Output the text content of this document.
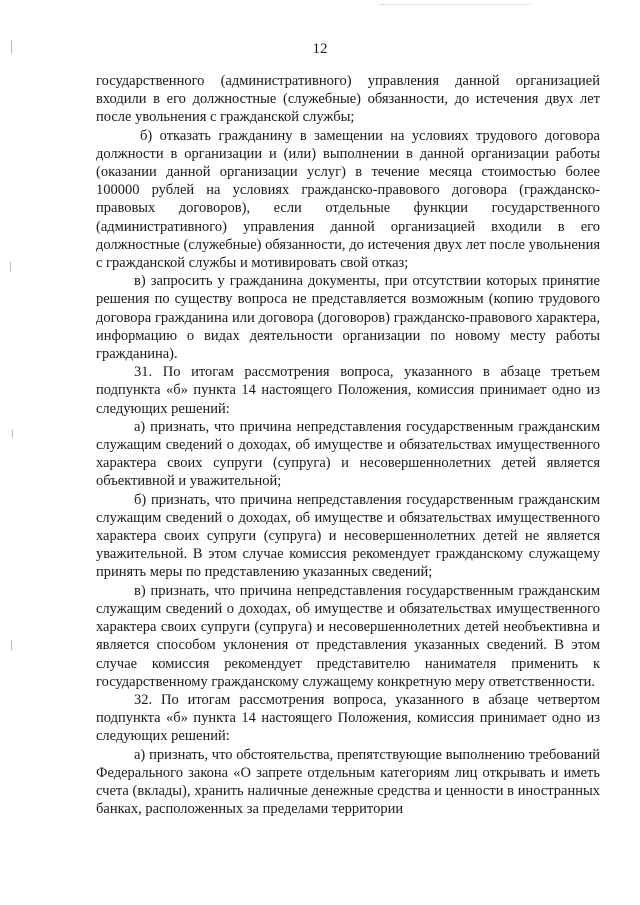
12

государственного (административного) управления данной организацией входили в его должностные (служебные) обязанности, до истечения двух лет после увольнения с гражданской службы;

б) отказать гражданину в замещении на условиях трудового договора должности в организации и (или) выполнении в данной организации работы (оказании данной организации услуг) в течение месяца стоимостью более 100000 рублей на условиях гражданско-правового договора (гражданско-правовых договоров), если отдельные функции государственного (административного) управления данной организацией входили в его должностные (служебные) обязанности, до истечения двух лет после увольнения с гражданской службы и мотивировать свой отказ;

в) запросить у гражданина документы, при отсутствии которых принятие решения по существу вопроса не представляется возможным (копию трудового договора гражданина или договора (договоров) гражданско-правового характера, информацию о видах деятельности организации по новому месту работы гражданина).

31. По итогам рассмотрения вопроса, указанного в абзаце третьем подпункта «б» пункта 14 настоящего Положения, комиссия принимает одно из следующих решений:

а) признать, что причина непредставления государственным гражданским служащим сведений о доходах, об имуществе и обязательствах имущественного характера своих супруги (супруга) и несовершеннолетних детей является объективной и уважительной;

б) признать, что причина непредставления государственным гражданским служащим сведений о доходах, об имуществе и обязательствах имущественного характера своих супруги (супруга) и несовершеннолетних детей не является уважительной. В этом случае комиссия рекомендует гражданскому служащему принять меры по представлению указанных сведений;

в) признать, что причина непредставления государственным гражданским служащим сведений о доходах, об имуществе и обязательствах имущественного характера своих супруги (супруга) и несовершеннолетних детей необъективна и является способом уклонения от представления указанных сведений. В этом случае комиссия рекомендует представителю нанимателя применить к государственному гражданскому служащему конкретную меру ответственности.

32. По итогам рассмотрения вопроса, указанного в абзаце четвертом подпункта «б» пункта 14 настоящего Положения, комиссия принимает одно из следующих решений:

а) признать, что обстоятельства, препятствующие выполнению требований Федерального закона «О запрете отдельным категориям лиц открывать и иметь счета (вклады), хранить наличные денежные средства и ценности в иностранных банках, расположенных за пределами территории
